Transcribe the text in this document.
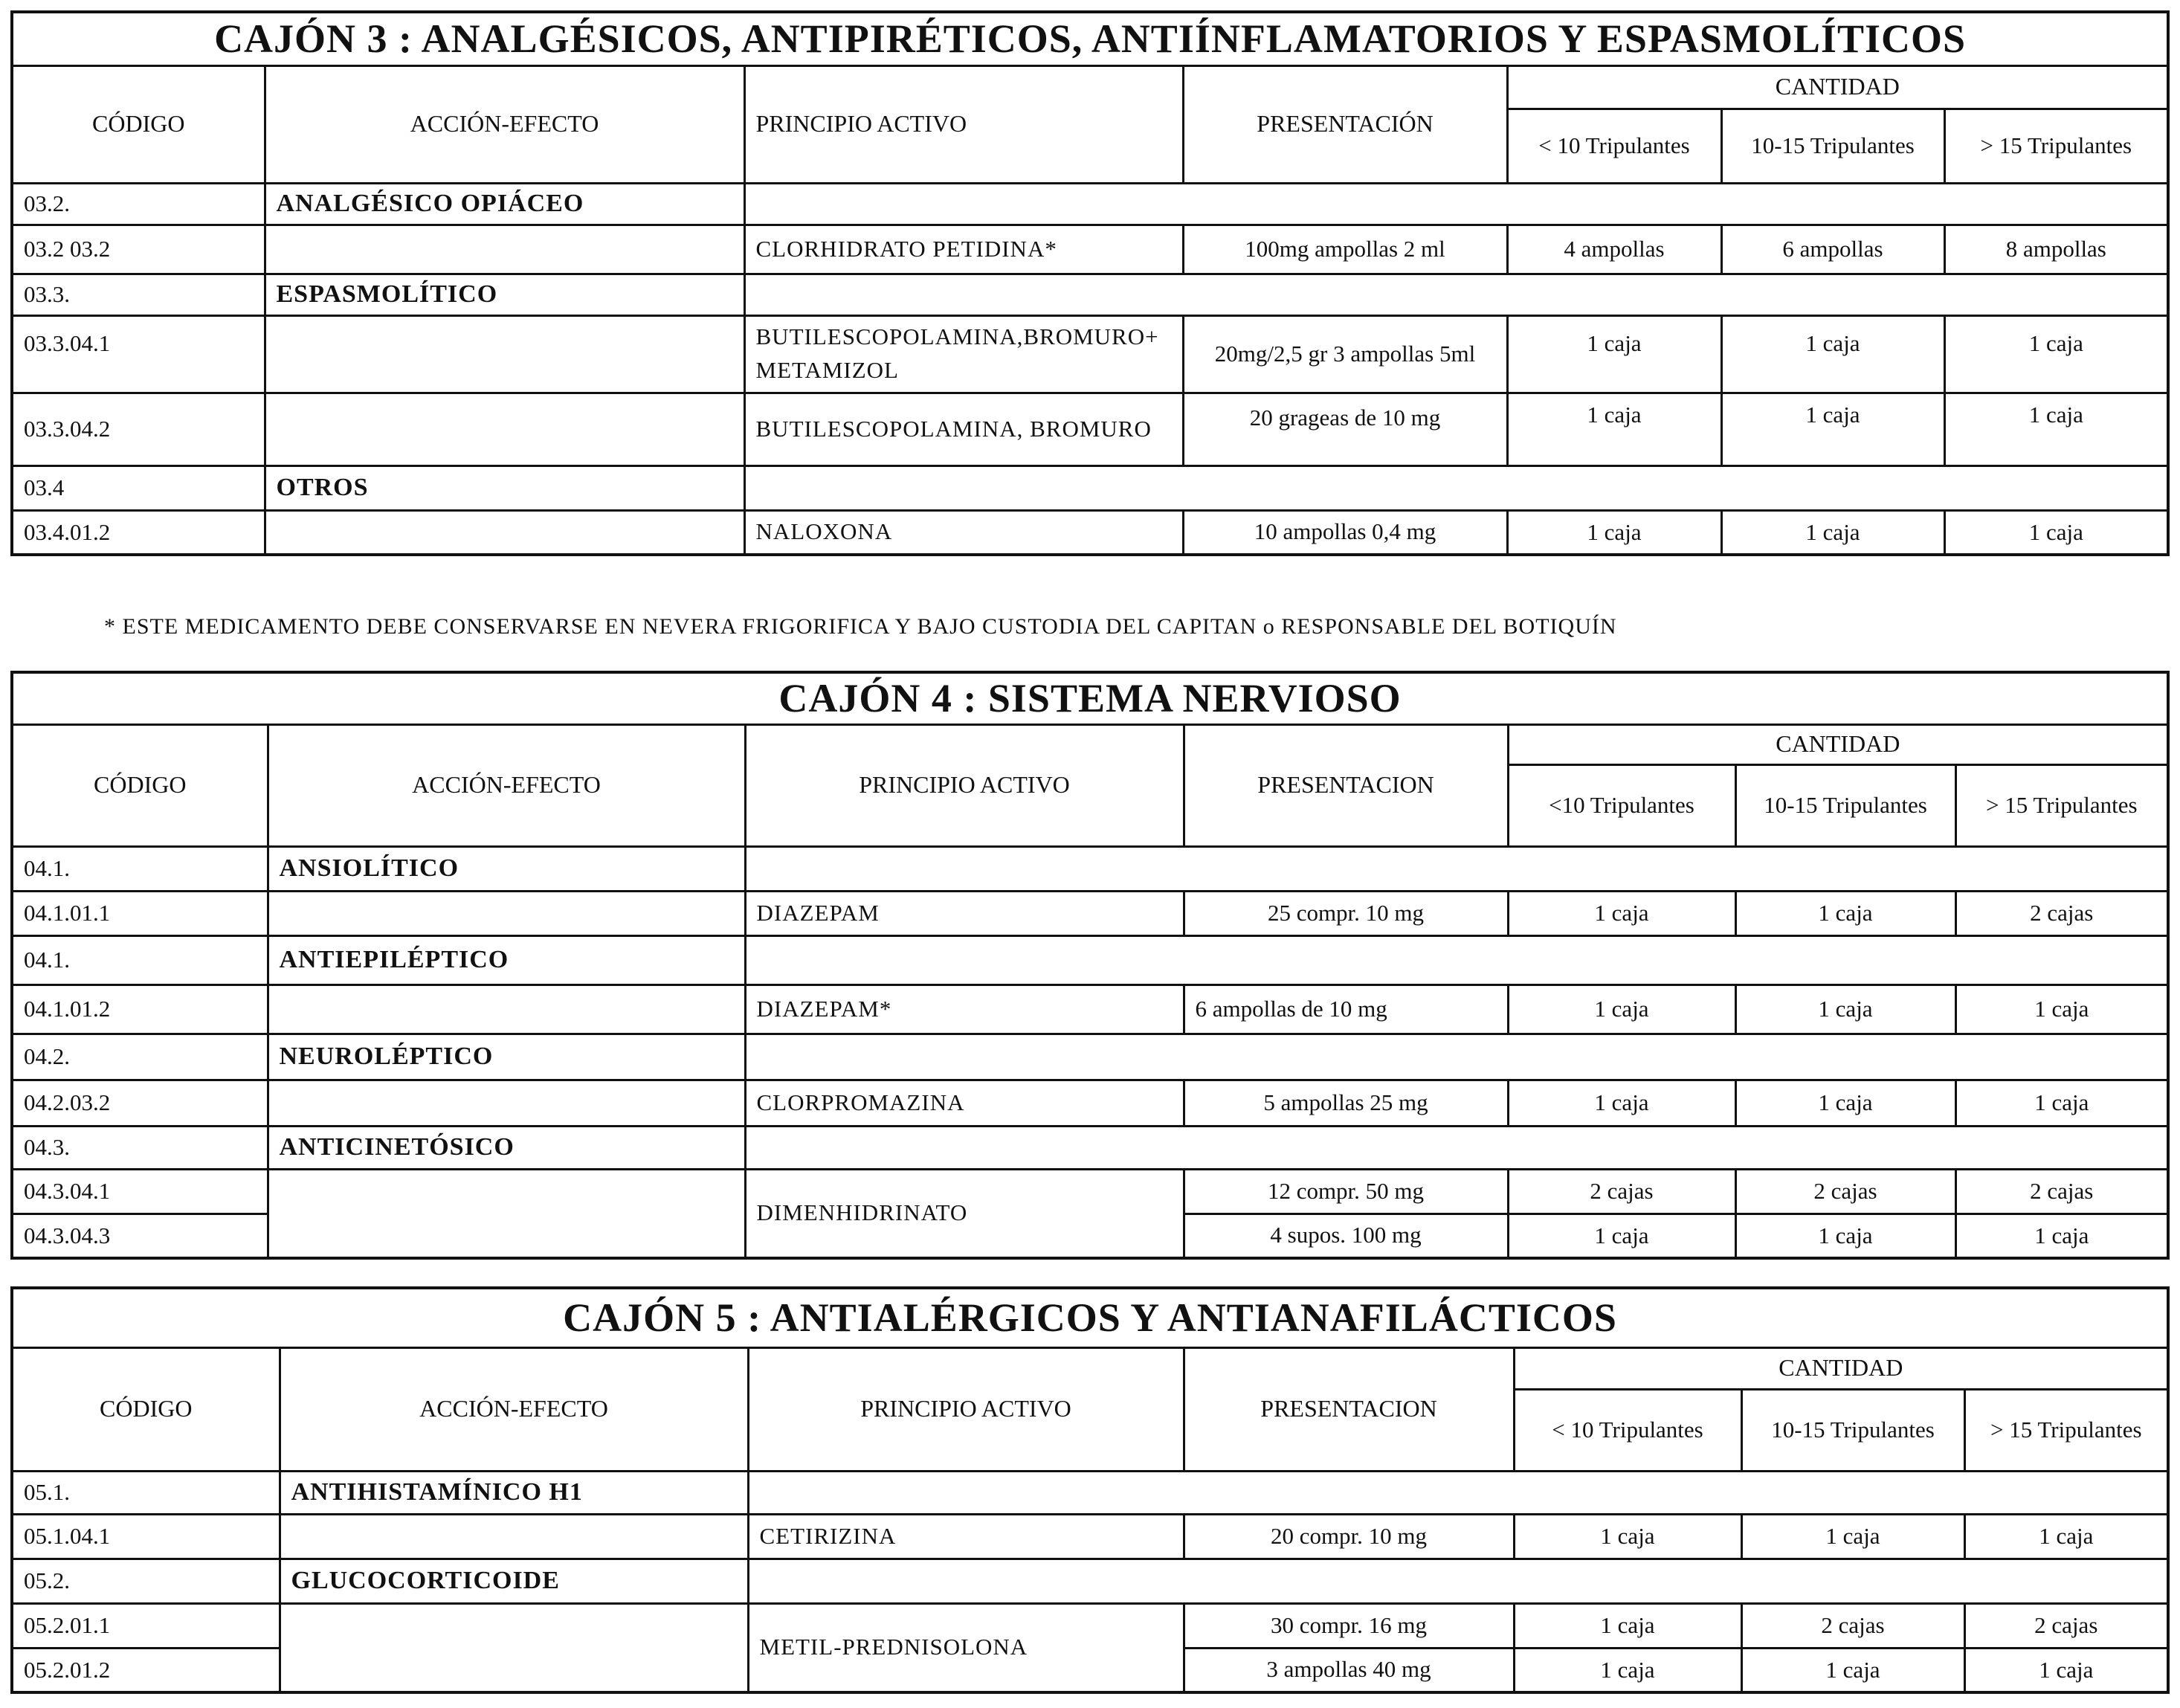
CAJÓN 3 : ANALGÉSICOS, ANTIPIRÉTICOS, ANTIÍNFLAMATORIOS Y ESPASMOLÍTICOS						
CÓDIGO	ACCIÓN-EFECTO	PRINCIPIO ACTIVO	PRESENTACIÓN	CANTIDAD		
				< 10 Tripulantes	10-15 Tripulantes	> 15 Tripulantes
03.2.	ANALGÉSICO OPIÁCEO					
03.2 03.2		CLORHIDRATO PETIDINA*	100mg ampollas 2 ml	4 ampollas	6 ampollas	8 ampollas
03.3.	ESPASMOLÍTICO					
03.3.04.1		BUTILESCOPOLAMINA,BROMURO+METAMIZOL	20mg/2,5 gr 3 ampollas 5ml	1 caja	1 caja	1 caja
03.3.04.2		BUTILESCOPOLAMINA, BROMURO	20 grageas de 10 mg	1 caja	1 caja	1 caja
03.4	OTROS					
03.4.01.2		NALOXONA	10 ampollas 0,4 mg	1 caja	1 caja	1 caja
* ESTE MEDICAMENTO DEBE CONSERVARSE EN NEVERA FRIGORIFICA Y BAJO CUSTODIA DEL CAPITAN o RESPONSABLE DEL BOTIQUÍN
CAJÓN 4 : SISTEMA NERVIOSO						
CÓDIGO	ACCIÓN-EFECTO	PRINCIPIO ACTIVO	PRESENTACION	CANTIDAD		
				<10 Tripulantes	10-15 Tripulantes	> 15 Tripulantes
04.1.	ANSIOLÍTICO					
04.1.01.1		DIAZEPAM	25 compr. 10 mg	1 caja	1 caja	2 cajas
04.1.	ANTIEPILÉPTICO					
04.1.01.2		DIAZEPAM*	6 ampollas de 10 mg	1 caja	1 caja	1 caja
04.2.	NEUROLÉPTICO					
04.2.03.2		CLORPROMAZINA	5 ampollas 25 mg	1 caja	1 caja	1 caja
04.3.	ANTICINETÓSICO					
04.3.04.1		DIMENHIDRINATO	12 compr. 50 mg	2 cajas	2 cajas	2 cajas
04.3.04.3			4 supos. 100 mg	1 caja	1 caja	1 caja
CAJÓN 5 : ANTIALÉRGICOS Y ANTIANAFILÁCTICOS						
CÓDIGO	ACCIÓN-EFECTO	PRINCIPIO ACTIVO	PRESENTACION	CANTIDAD		
				< 10 Tripulantes	10-15 Tripulantes	> 15 Tripulantes
05.1.	ANTIHISTAMÍNICO H1					
05.1.04.1		CETIRIZINA	20 compr. 10 mg	1 caja	1 caja	1 caja
05.2.	GLUCOCORTICOIDE					
05.2.01.1		METIL-PREDNISOLONA	30 compr. 16 mg	1 caja	2 cajas	2 cajas
05.2.01.2			3 ampollas 40 mg	1 caja	1 caja	1 caja
